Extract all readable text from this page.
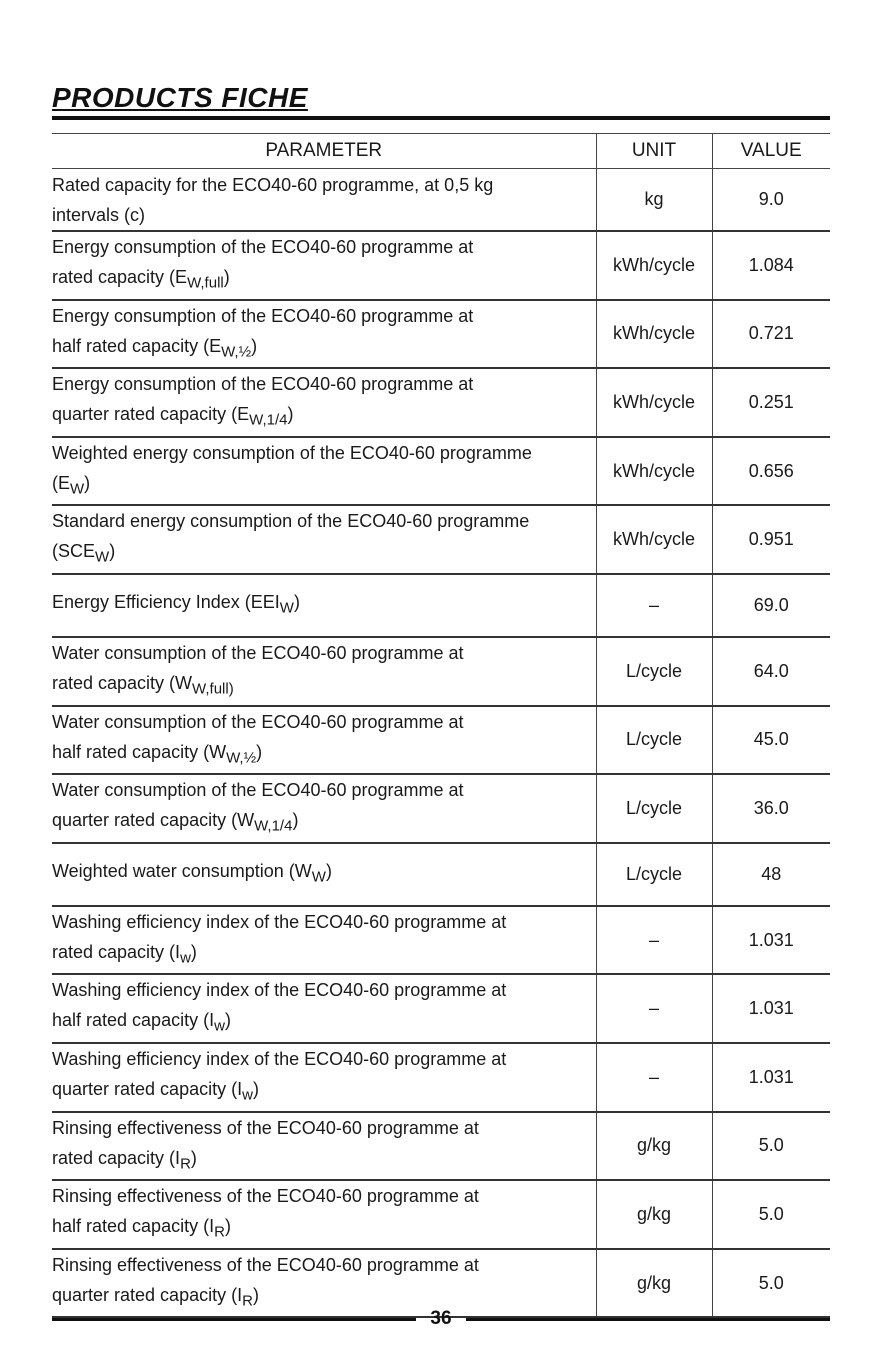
PRODUCTS FICHE
PARAMETER	UNIT	VALUE

Rated capacity for the ECO40-60 programme, at 0,5 kg
intervals (c)	kg	9.0

Energy consumption of the ECO40-60 programme at
rated capacity $(E_{W,full})$	kWh/cycle	1.084

Energy consumption of the ECO40-60 programme at
half rated capacity $(E_{W,\frac{1}{2}})$	kWh/cycle	0.721

Energy consumption of the ECO40-60 programme at
quarter rated capacity $(E_{W,1/4})$	kWh/cycle	0.251

Weighted energy consumption of the ECO40-60 programme
$(E_W)$	kWh/cycle	0.656

Standard energy consumption of the ECO40-60 programme
$(SCE_W)$	kWh/cycle	0.951

Energy Efficiency Index $(EEI_W)$	–	69.0

Water consumption of the ECO40-60 programme at
rated capacity ($W_{W,full)}$	L/cycle	64.0

Water consumption of the ECO40-60 programme at
half rated capacity $(W_{W,\frac{1}{2}})$	L/cycle	45.0

Water consumption of the ECO40-60 programme at
quarter rated capacity $(W_{W,1/4})$	L/cycle	36.0

Weighted water consumption $(W_W)$	L/cycle	48

Washing efficiency index of the ECO40-60 programme at
rated capacity $(I_w)$	–	1.031

Washing efficiency index of the ECO40-60 programme at
half rated capacity $(I_w)$	–	1.031

Washing efficiency index of the ECO40-60 programme at
quarter rated capacity $(I_w)$	–	1.031

Rinsing effectiveness of the ECO40-60 programme at
rated capacity $(I_R)$	g/kg	5.0

Rinsing effectiveness of the ECO40-60 programme at
half rated capacity $(I_R)$	g/kg	5.0

Rinsing effectiveness of the ECO40-60 programme at
quarter rated capacity $(I_R)$	g/kg	5.0
36
